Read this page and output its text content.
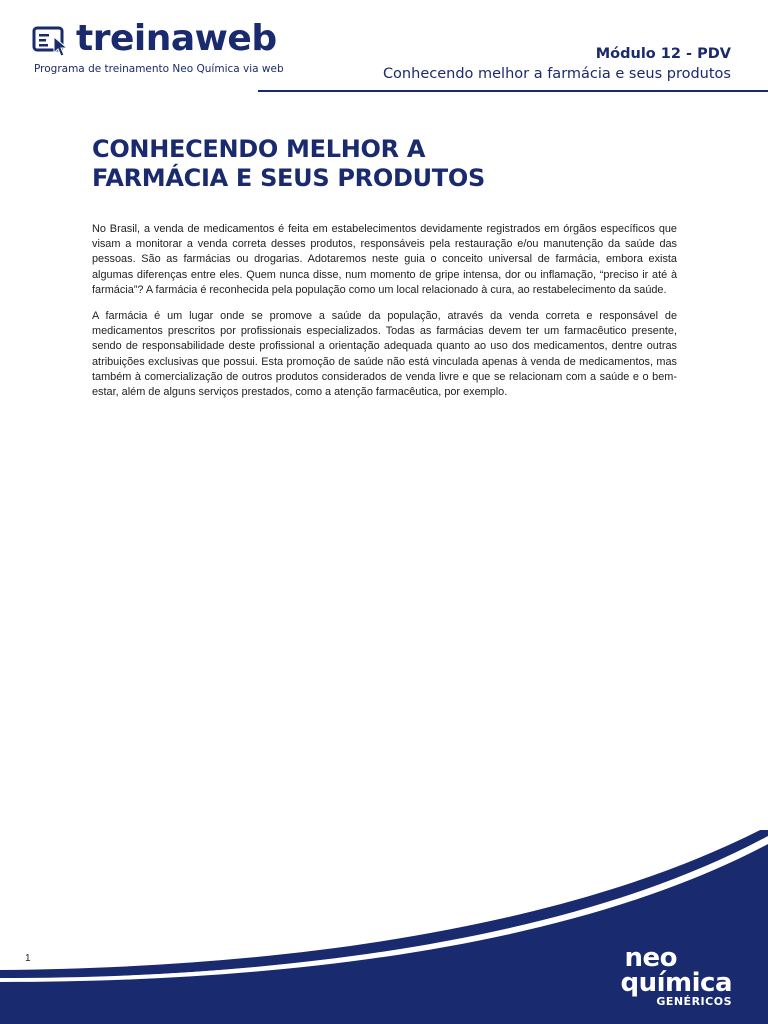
treinaweb
Programa de treinamento Neo Química via web
Módulo 12 - PDV
Conhecendo melhor a farmácia e seus produtos
CONHECENDO MELHOR A
FARMÁCIA E SEUS PRODUTOS

No Brasil, a venda de medicamentos é feita em estabelecimentos devidamente registrados em órgãos específicos que visam a monitorar a venda correta desses produtos, responsáveis pela restauração e/ou manutenção da saúde das pessoas. São as farmácias ou drogarias. Adotaremos neste guia o conceito universal de farmácia, embora exista algumas diferenças entre eles. Quem nunca disse, num momento de gripe intensa, dor ou inflamação, “preciso ir até à farmácia”? A farmácia é reconhecida pela população como um local relacionado à cura, ao restabelecimento da saúde.

A farmácia é um lugar onde se promove a saúde da população, através da venda correta e responsável de medicamentos prescritos por profissionais especializados. Todas as farmácias devem ter um farmacêutico presente, sendo de responsabilidade deste profissional a orientação adequada quanto ao uso dos medicamentos, dentre outras atribuições exclusivas que possui. Esta promoção de saúde não está vinculada apenas à venda de medicamentos, mas também à comercialização de outros produtos considerados de venda livre e que se relacionam com a saúde e o bem-estar, além de alguns serviços prestados, como a atenção farmacêutica, por exemplo.

1	neo
química
GENÉRICOS
